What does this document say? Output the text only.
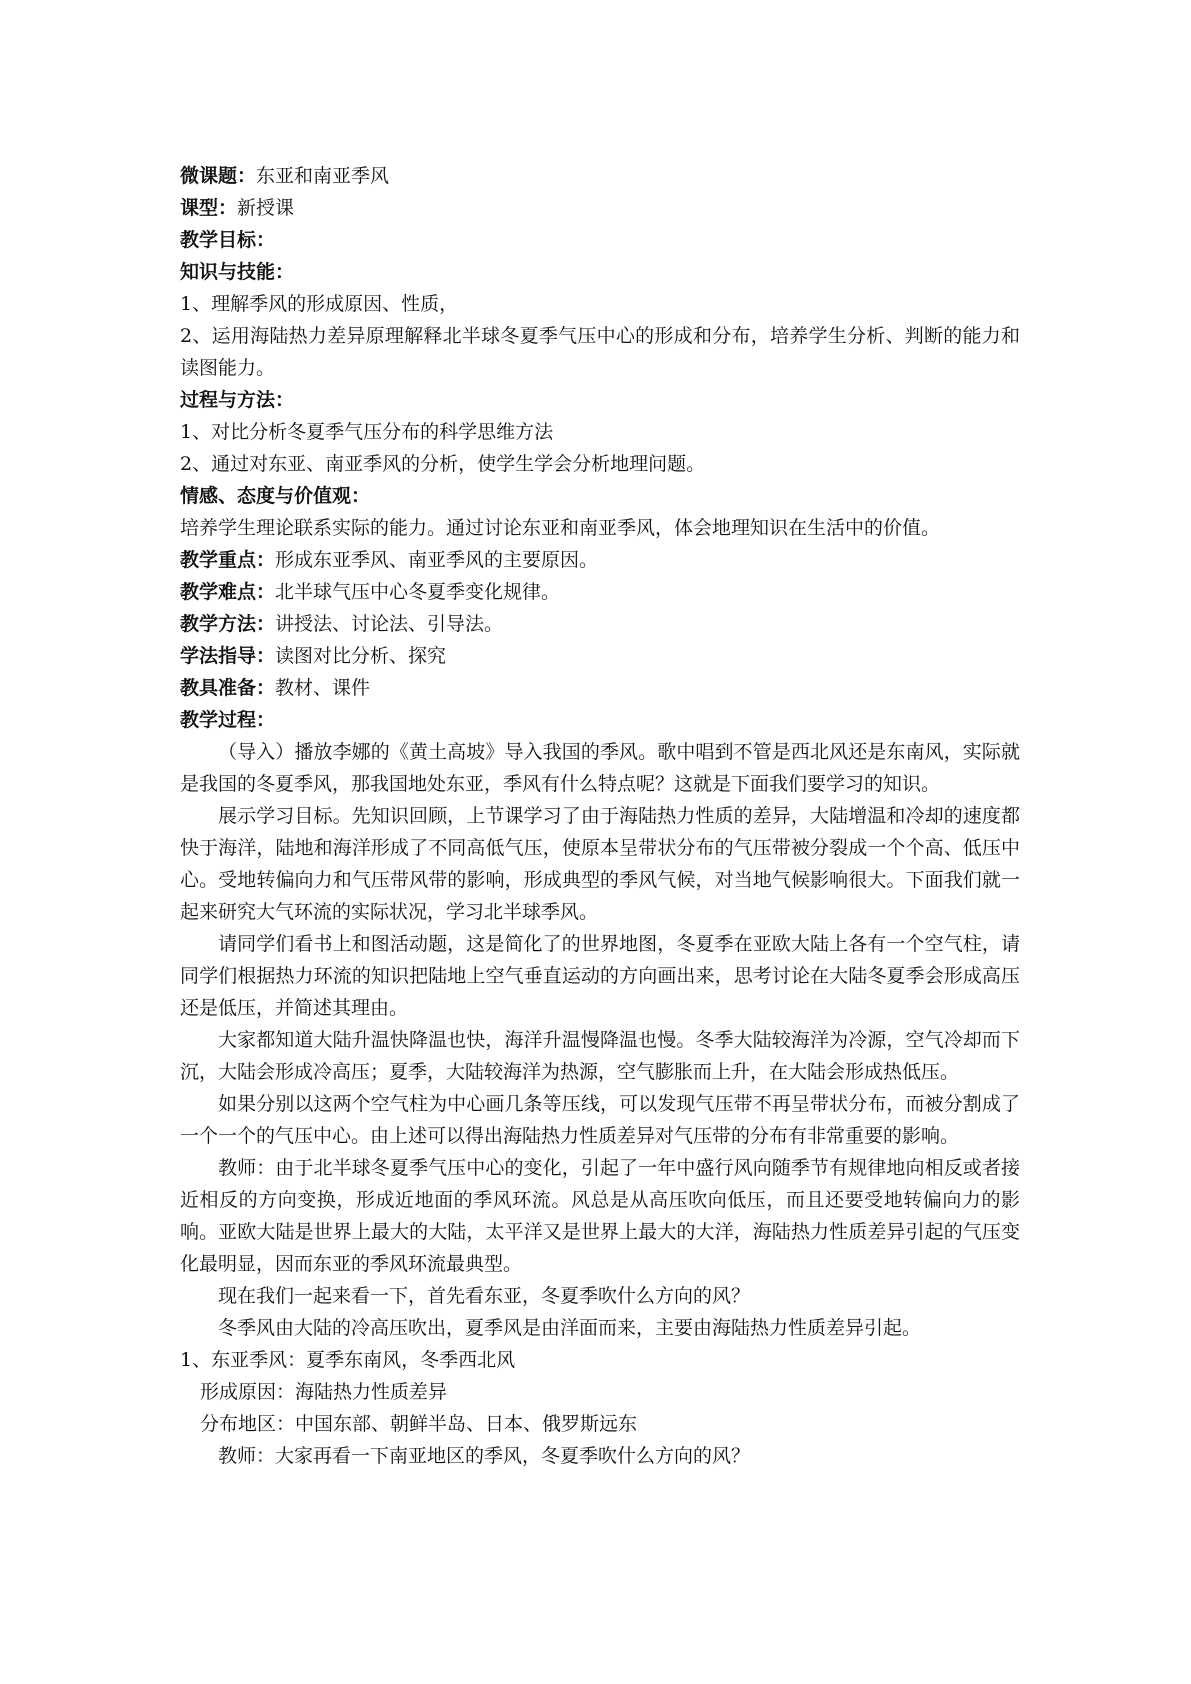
微课题：东亚和南亚季风
课型：新授课
教学目标：
知识与技能：
1、理解季风的形成原因、性质，
2、运用海陆热力差异原理解释北半球冬夏季气压中心的形成和分布，培养学生分析、判断的能力和读图能力。
过程与方法：
1、对比分析冬夏季气压分布的科学思维方法
2、通过对东亚、南亚季风的分析，使学生学会分析地理问题。
情感、态度与价值观：
培养学生理论联系实际的能力。通过讨论东亚和南亚季风，体会地理知识在生活中的价值。
教学重点：形成东亚季风、南亚季风的主要原因。
教学难点：北半球气压中心冬夏季变化规律。
教学方法：讲授法、讨论法、引导法。
学法指导：读图对比分析、探究
教具准备：教材、课件
教学过程：
（导入）播放李娜的《黄土高坡》导入我国的季风。歌中唱到不管是西北风还是东南风，实际就是我国的冬夏季风，那我国地处东亚，季风有什么特点呢？这就是下面我们要学习的知识。
展示学习目标。先知识回顾，上节课学习了由于海陆热力性质的差异，大陆增温和冷却的速度都快于海洋，陆地和海洋形成了不同高低气压，使原本呈带状分布的气压带被分裂成一个个高、低压中心。受地转偏向力和气压带风带的影响，形成典型的季风气候，对当地气候影响很大。下面我们就一起来研究大气环流的实际状况，学习北半球季风。
请同学们看书上和图活动题，这是简化了的世界地图，冬夏季在亚欧大陆上各有一个空气柱，请同学们根据热力环流的知识把陆地上空气垂直运动的方向画出来，思考讨论在大陆冬夏季会形成高压还是低压，并简述其理由。
大家都知道大陆升温快降温也快，海洋升温慢降温也慢。冬季大陆较海洋为冷源，空气冷却而下沉，大陆会形成冷高压；夏季，大陆较海洋为热源，空气膨胀而上升，在大陆会形成热低压。
如果分别以这两个空气柱为中心画几条等压线，可以发现气压带不再呈带状分布，而被分割成了一个一个的气压中心。由上述可以得出海陆热力性质差异对气压带的分布有非常重要的影响。
教师：由于北半球冬夏季气压中心的变化，引起了一年中盛行风向随季节有规律地向相反或者接近相反的方向变换，形成近地面的季风环流。风总是从高压吹向低压，而且还要受地转偏向力的影响。亚欧大陆是世界上最大的大陆，太平洋又是世界上最大的大洋，海陆热力性质差异引起的气压变化最明显，因而东亚的季风环流最典型。
现在我们一起来看一下，首先看东亚，冬夏季吹什么方向的风？
冬季风由大陆的冷高压吹出，夏季风是由洋面而来，主要由海陆热力性质差异引起。
1、东亚季风：夏季东南风，冬季西北风
形成原因：海陆热力性质差异
分布地区：中国东部、朝鲜半岛、日本、俄罗斯远东
教师：大家再看一下南亚地区的季风，冬夏季吹什么方向的风？
